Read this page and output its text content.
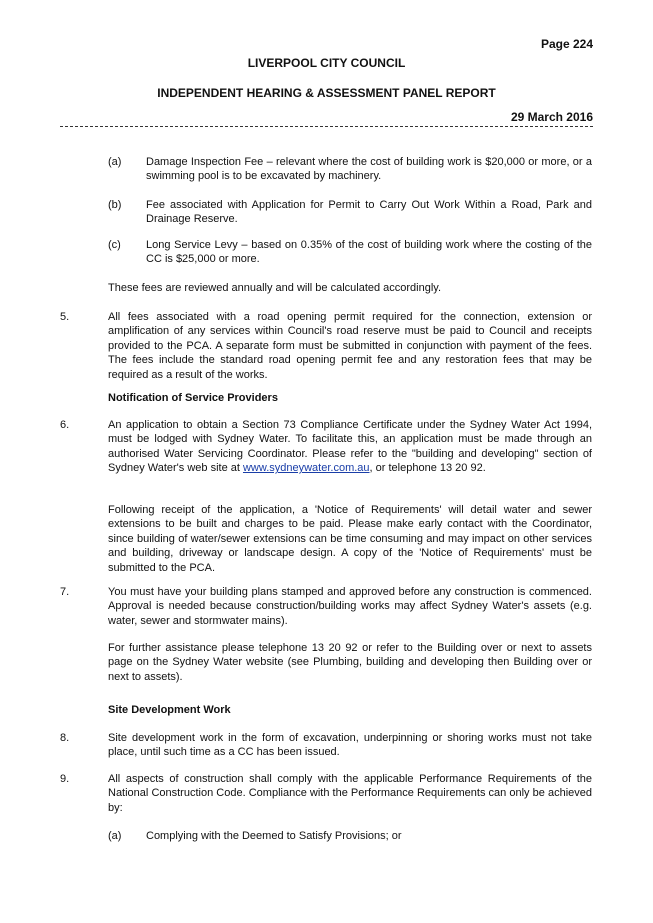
Page 224
LIVERPOOL CITY COUNCIL
INDEPENDENT HEARING & ASSESSMENT PANEL REPORT
29 March 2016
(a) Damage Inspection Fee – relevant where the cost of building work is $20,000 or more, or a swimming pool is to be excavated by machinery.
(b) Fee associated with Application for Permit to Carry Out Work Within a Road, Park and Drainage Reserve.
(c) Long Service Levy – based on 0.35% of the cost of building work where the costing of the CC is $25,000 or more.
These fees are reviewed annually and will be calculated accordingly.
5.	All fees associated with a road opening permit required for the connection, extension or amplification of any services within Council's road reserve must be paid to Council and receipts provided to the PCA. A separate form must be submitted in conjunction with payment of the fees. The fees include the standard road opening permit fee and any restoration fees that may be required as a result of the works.
Notification of Service Providers
6.	An application to obtain a Section 73 Compliance Certificate under the Sydney Water Act 1994, must be lodged with Sydney Water. To facilitate this, an application must be made through an authorised Water Servicing Coordinator. Please refer to the "building and developing" section of Sydney Water's web site at www.sydneywater.com.au, or telephone 13 20 92.
Following receipt of the application, a 'Notice of Requirements' will detail water and sewer extensions to be built and charges to be paid. Please make early contact with the Coordinator, since building of water/sewer extensions can be time consuming and may impact on other services and building, driveway or landscape design. A copy of the 'Notice of Requirements' must be submitted to the PCA.
7.	You must have your building plans stamped and approved before any construction is commenced. Approval is needed because construction/building works may affect Sydney Water's assets (e.g. water, sewer and stormwater mains).
For further assistance please telephone 13 20 92 or refer to the Building over or next to assets page on the Sydney Water website (see Plumbing, building and developing then Building over or next to assets).
Site Development Work
8.	Site development work in the form of excavation, underpinning or shoring works must not take place, until such time as a CC has been issued.
9.	All aspects of construction shall comply with the applicable Performance Requirements of the National Construction Code. Compliance with the Performance Requirements can only be achieved by:
(a) Complying with the Deemed to Satisfy Provisions; or
